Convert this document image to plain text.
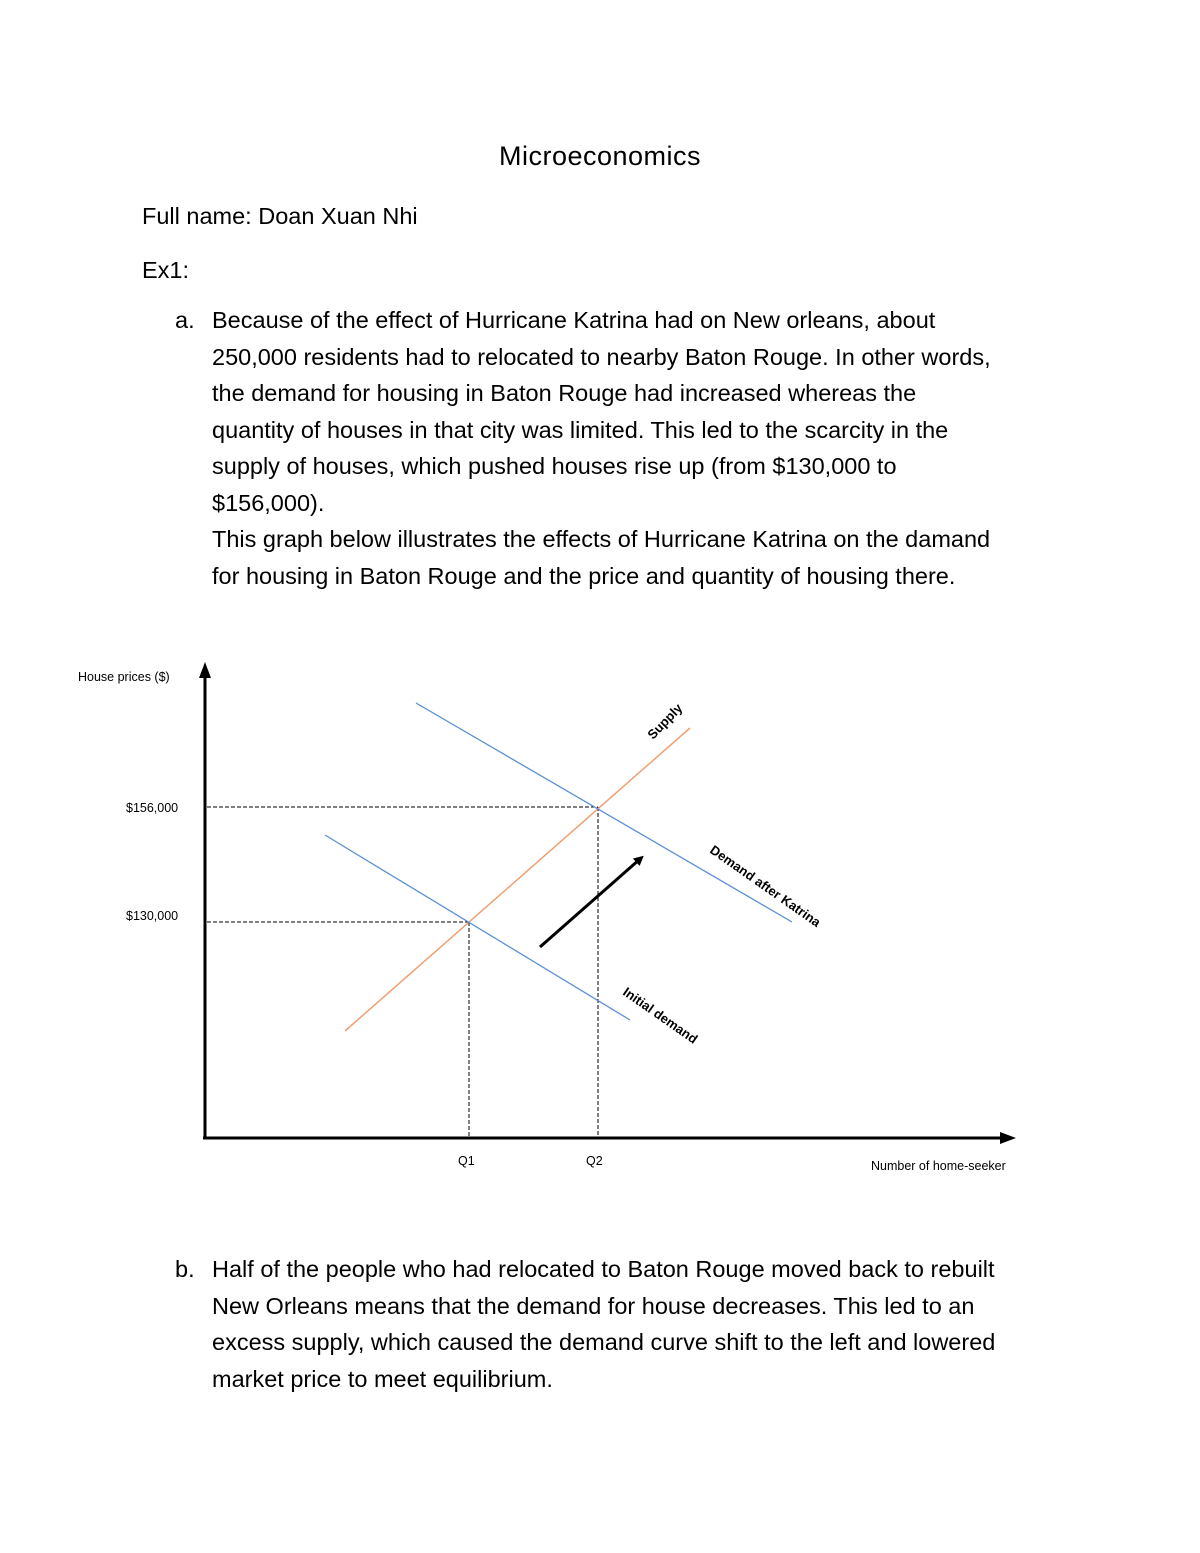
Microeconomics
Full name: Doan Xuan Nhi
Ex1:
a. Because of the effect of Hurricane Katrina had on New orleans, about
250,000 residents had to relocated to nearby Baton Rouge. In other words,
the demand for housing in Baton Rouge had increased whereas the
quantity of houses in that city was limited. This led to the scarcity in the
supply of houses, which pushed houses rise up (from $130,000 to
$156,000).
This graph below illustrates the effects of Hurricane Katrina on the damand
for housing in Baton Rouge and the price and quantity of housing there.
House prices ($)
Number of home-seeker
$156,000
$130,000
Q1	Q2
Supply
Demand after Katrina
Initial demand
b. Half of the people who had relocated to Baton Rouge moved back to rebuilt
New Orleans means that the demand for house decreases. This led to an
excess supply, which caused the demand curve shift to the left and lowered
market price to meet equilibrium.
